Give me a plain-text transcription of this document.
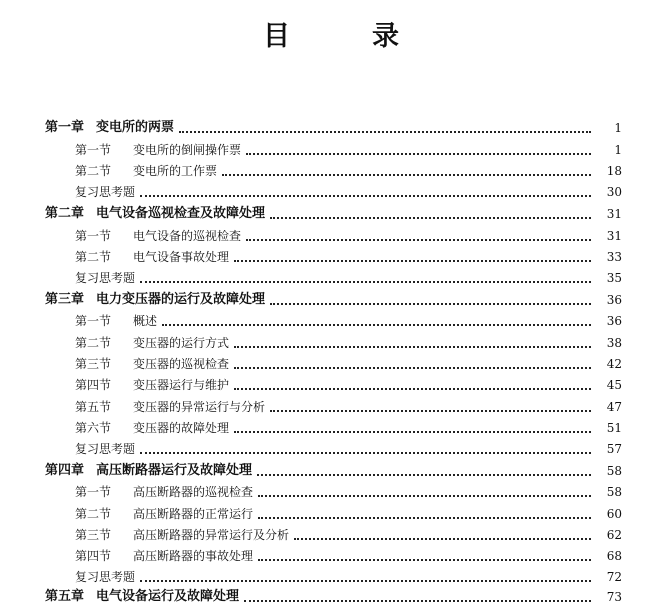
目	录
第一章 变电所的两票	1
第一节 变电所的倒闸操作票	1
第二节 变电所的工作票	18
复习思考题	30
第二章 电气设备巡视检查及故障处理	31
第一节 电气设备的巡视检查	31
第二节 电气设备事故处理	33
复习思考题	35
第三章 电力变压器的运行及故障处理	36
第一节 概述	36
第二节 变压器的运行方式	38
第三节 变压器的巡视检查	42
第四节 变压器运行与维护	45
第五节 变压器的异常运行与分析	47
第六节 变压器的故障处理	51
复习思考题	57
第四章 高压断路器运行及故障处理	58
第一节 高压断路器的巡视检查	58
第二节 高压断路器的正常运行	60
第三节 高压断路器的异常运行及分析	62
第四节 高压断路器的事故处理	68
复习思考题	72
第五章 电气设备运行及故障处理	73
